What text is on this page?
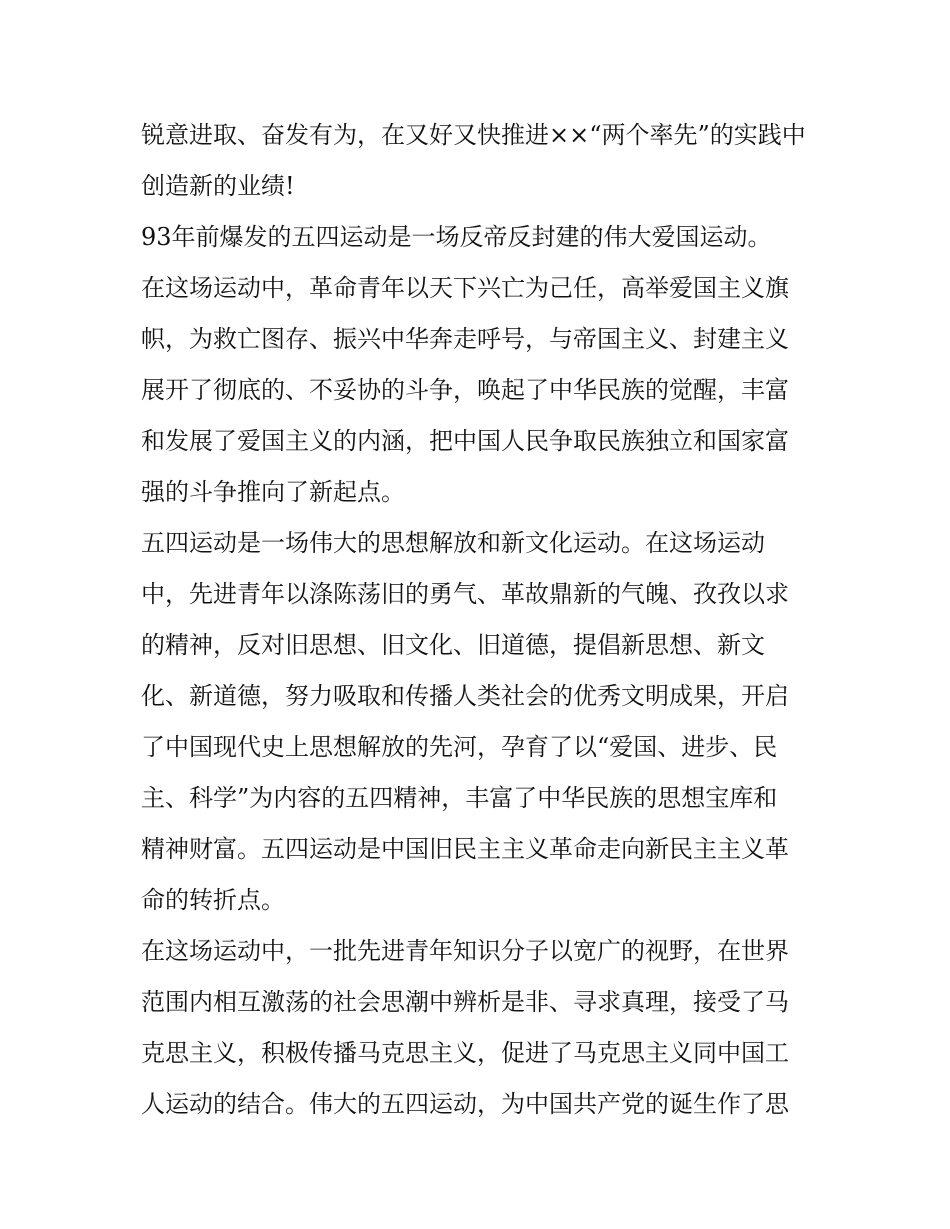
锐意进取、奋发有为，在又好又快推进××“两个率先”的实践中
创造新的业绩!
93年前爆发的五四运动是一场反帝反封建的伟大爱国运动。
在这场运动中，革命青年以天下兴亡为己任，高举爱国主义旗
帜，为救亡图存、振兴中华奔走呼号，与帝国主义、封建主义
展开了彻底的、不妥协的斗争，唤起了中华民族的觉醒，丰富
和发展了爱国主义的内涵，把中国人民争取民族独立和国家富
强的斗争推向了新起点。
五四运动是一场伟大的思想解放和新文化运动。在这场运动
中，先进青年以涤陈荡旧的勇气、革故鼎新的气魄、孜孜以求
的精神，反对旧思想、旧文化、旧道德，提倡新思想、新文
化、新道德，努力吸取和传播人类社会的优秀文明成果，开启
了中国现代史上思想解放的先河，孕育了以“爱国、进步、民
主、科学”为内容的五四精神，丰富了中华民族的思想宝库和
精神财富。五四运动是中国旧民主主义革命走向新民主主义革
命的转折点。
在这场运动中，一批先进青年知识分子以宽广的视野，在世界
范围内相互激荡的社会思潮中辨析是非、寻求真理，接受了马
克思主义，积极传播马克思主义，促进了马克思主义同中国工
人运动的结合。伟大的五四运动，为中国共产党的诞生作了思
